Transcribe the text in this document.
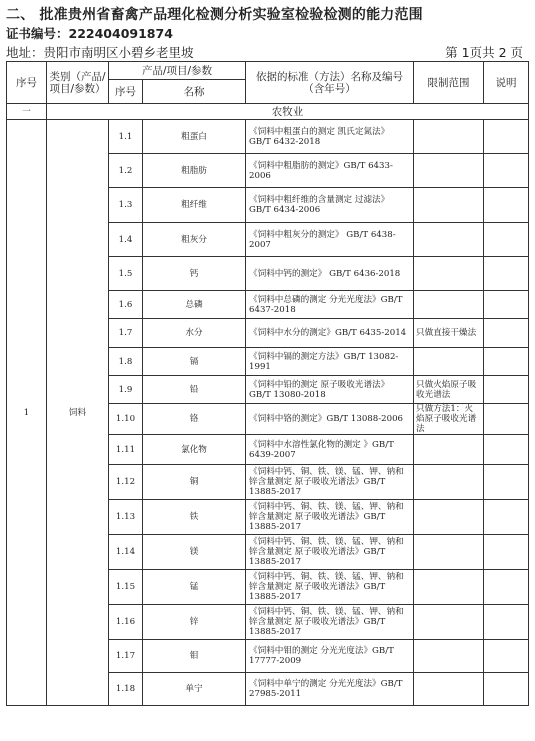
二、 批准贵州省畜禽产品理化检测分析实验室检验检测的能力范围
证书编号：222404091874
地址：贵阳市南明区小碧乡老里坡	第 1页共 2 页
序号	类别（产品/项目/参数）	产品/项目/参数		依据的标准（方法）名称及编号（含年号）	限制范围	说明
		序号	名称			
一	农牧业					
1	饲料	1.1	粗蛋白	《饲料中粗蛋白的测定 凯氏定氮法》GB/T 6432-2018		
		1.2	粗脂肪	《饲料中粗脂肪的测定》GB/T 6433-2006		
		1.3	粗纤维	《饲料中粗纤维的含量测定 过滤法》GB/T 6434-2006		
		1.4	粗灰分	《饲料中粗灰分的测定》 GB/T 6438-2007		
		1.5	钙	《饲料中钙的测定》 GB/T 6436-2018		
		1.6	总磷	《饲料中总磷的测定 分光光度法》GB/T 6437-2018		
		1.7	水分	《饲料中水分的测定》GB/T 6435-2014	只做直接干燥法	
		1.8	镉	《饲料中镉的测定方法》GB/T 13082-1991		
		1.9	铅	《饲料中铅的测定 原子吸收光谱法》GB/T 13080-2018	只做火焰原子吸收光谱法	
		1.10	铬	《饲料中铬的测定》GB/T 13088-2006	只做方法1：火焰原子吸收光谱法	
		1.11	氯化物	《饲料中水溶性氯化物的测定 》GB/T 6439-2007		
		1.12	铜	《饲料中钙、铜、铁、镁、锰、钾、钠和锌含量测定 原子吸收光谱法》GB/T 13885-2017		
		1.13	铁	《饲料中钙、铜、铁、镁、锰、钾、钠和锌含量测定 原子吸收光谱法》GB/T 13885-2017		
		1.14	镁	《饲料中钙、铜、铁、镁、锰、钾、钠和锌含量测定 原子吸收光谱法》GB/T 13885-2017		
		1.15	锰	《饲料中钙、铜、铁、镁、锰、钾、钠和锌含量测定 原子吸收光谱法》GB/T 13885-2017		
		1.16	锌	《饲料中钙、铜、铁、镁、锰、钾、钠和锌含量测定 原子吸收光谱法》GB/T 13885-2017		
		1.17	钼	《饲料中钼的测定 分光光度法》GB/T 17777-2009		
		1.18	单宁	《饲料中单宁的测定 分光光度法》GB/T 27985-2011		
